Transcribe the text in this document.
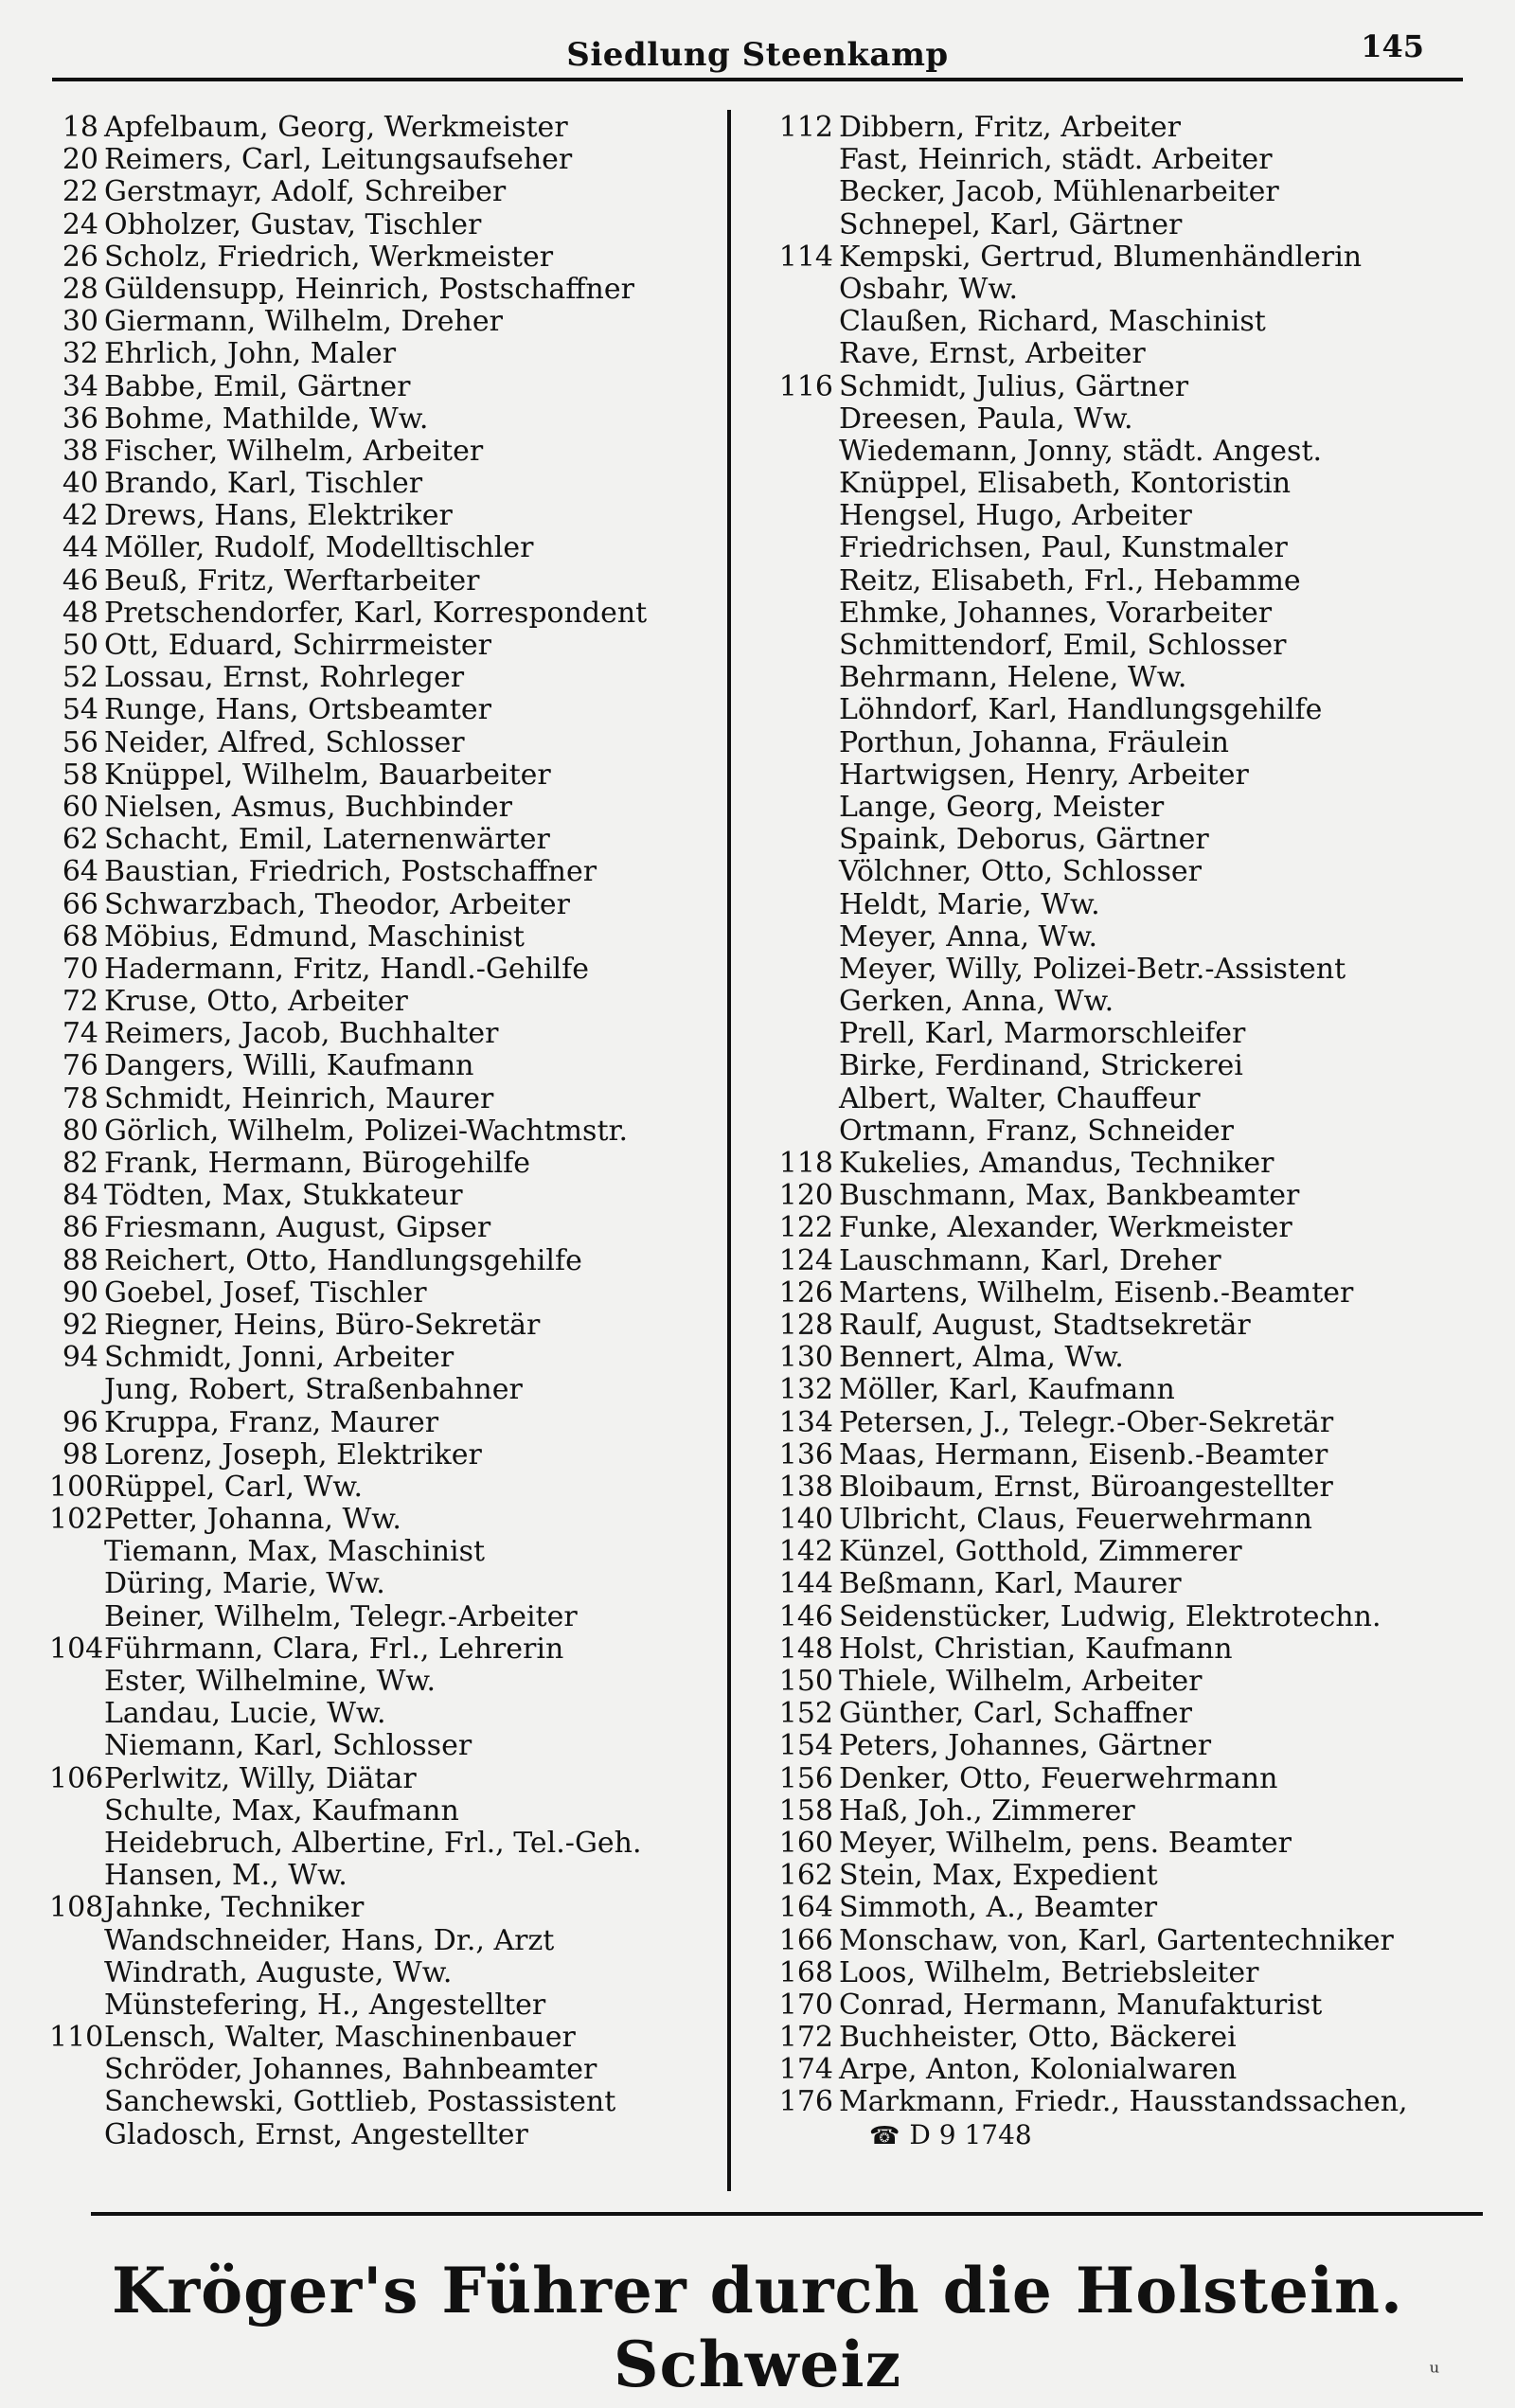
Siedlung Steenkamp	145
18 Apfelbaum, Georg, Werkmeister
20 Reimers, Carl, Leitungsaufseher
22 Gerstmayr, Adolf, Schreiber
24 Obholzer, Gustav, Tischler
26 Scholz, Friedrich, Werkmeister
28 Güldensupp, Heinrich, Postschaffner
30 Giermann, Wilhelm, Dreher
32 Ehrlich, John, Maler
34 Babbe, Emil, Gärtner
36 Bohme, Mathilde, Ww.
38 Fischer, Wilhelm, Arbeiter
40 Brando, Karl, Tischler
42 Drews, Hans, Elektriker
44 Möller, Rudolf, Modelltischler
46 Beuß, Fritz, Werftarbeiter
48 Pretschendorfer, Karl, Korrespondent
50 Ott, Eduard, Schirrmeister
52 Lossau, Ernst, Rohrleger
54 Runge, Hans, Ortsbeamter
56 Neider, Alfred, Schlosser
58 Knüppel, Wilhelm, Bauarbeiter
60 Nielsen, Asmus, Buchbinder
62 Schacht, Emil, Laternenwärter
64 Baustian, Friedrich, Postschaffner
66 Schwarzbach, Theodor, Arbeiter
68 Möbius, Edmund, Maschinist
70 Hadermann, Fritz, Handl.-Gehilfe
72 Kruse, Otto, Arbeiter
74 Reimers, Jacob, Buchhalter
76 Dangers, Willi, Kaufmann
78 Schmidt, Heinrich, Maurer
80 Görlich, Wilhelm, Polizei-Wachtmstr.
82 Frank, Hermann, Bürogehilfe
84 Tödten, Max, Stukkateur
86 Friesmann, August, Gipser
88 Reichert, Otto, Handlungsgehilfe
90 Goebel, Josef, Tischler
92 Riegner, Heins, Büro-Sekretär
94 Schmidt, Jonni, Arbeiter
Jung, Robert, Straßenbahner
96 Kruppa, Franz, Maurer
98 Lorenz, Joseph, Elektriker
100 Rüppel, Carl, Ww.
102 Petter, Johanna, Ww.
Tiemann, Max, Maschinist
Düring, Marie, Ww.
Beiner, Wilhelm, Telegr.-Arbeiter
104 Führmann, Clara, Frl., Lehrerin
Ester, Wilhelmine, Ww.
Landau, Lucie, Ww.
Niemann, Karl, Schlosser
106 Perlwitz, Willy, Diätar
Schulte, Max, Kaufmann
Heidebruch, Albertine, Frl., Tel.-Geh.
Hansen, M., Ww.
108 Jahnke, Techniker
Wandschneider, Hans, Dr., Arzt
Windrath, Auguste, Ww.
Münstefering, H., Angestellter
110 Lensch, Walter, Maschinenbauer
Schröder, Johannes, Bahnbeamter
Sanchewski, Gottlieb, Postassistent
Gladosch, Ernst, Angestellter
112 Dibbern, Fritz, Arbeiter
Fast, Heinrich, städt. Arbeiter
Becker, Jacob, Mühlenarbeiter
Schnepel, Karl, Gärtner
114 Kempski, Gertrud, Blumenhändlerin
Osbahr, Ww.
Claußen, Richard, Maschinist
Rave, Ernst, Arbeiter
116 Schmidt, Julius, Gärtner
Dreesen, Paula, Ww.
Wiedemann, Jonny, städt. Angest.
Knüppel, Elisabeth, Kontoristin
Hengsel, Hugo, Arbeiter
Friedrichsen, Paul, Kunstmaler
Reitz, Elisabeth, Frl., Hebamme
Ehmke, Johannes, Vorarbeiter
Schmittendorf, Emil, Schlosser
Behrmann, Helene, Ww.
Löhndorf, Karl, Handlungsgehilfe
Porthun, Johanna, Fräulein
Hartwigsen, Henry, Arbeiter
Lange, Georg, Meister
Spaink, Deborus, Gärtner
Völchner, Otto, Schlosser
Heldt, Marie, Ww.
Meyer, Anna, Ww.
Meyer, Willy, Polizei-Betr.-Assistent
Gerken, Anna, Ww.
Prell, Karl, Marmorschleifer
Birke, Ferdinand, Strickerei
Albert, Walter, Chauffeur
Ortmann, Franz, Schneider
118 Kukelies, Amandus, Techniker
120 Buschmann, Max, Bankbeamter
122 Funke, Alexander, Werkmeister
124 Lauschmann, Karl, Dreher
126 Martens, Wilhelm, Eisenb.-Beamter
128 Raulf, August, Stadtsekretär
130 Bennert, Alma, Ww.
132 Möller, Karl, Kaufmann
134 Petersen, J., Telegr.-Ober-Sekretär
136 Maas, Hermann, Eisenb.-Beamter
138 Bloibaum, Ernst, Büroangestellter
140 Ulbricht, Claus, Feuerwehrmann
142 Künzel, Gotthold, Zimmerer
144 Beßmann, Karl, Maurer
146 Seidenstücker, Ludwig, Elektrotechn.
148 Holst, Christian, Kaufmann
150 Thiele, Wilhelm, Arbeiter
152 Günther, Carl, Schaffner
154 Peters, Johannes, Gärtner
156 Denker, Otto, Feuerwehrmann
158 Haß, Joh., Zimmerer
160 Meyer, Wilhelm, pens. Beamter
162 Stein, Max, Expedient
164 Simmoth, A., Beamter
166 Monschaw, von, Karl, Gartentechniker
168 Loos, Wilhelm, Betriebsleiter
170 Conrad, Hermann, Manufakturist
172 Buchheister, Otto, Bäckerei
174 Arpe, Anton, Kolonialwaren
176 Markmann, Friedr., Hausstandssachen,
☎ D 9 1748
Kröger's Führer durch die Holstein. Schweiz	ᵘ
